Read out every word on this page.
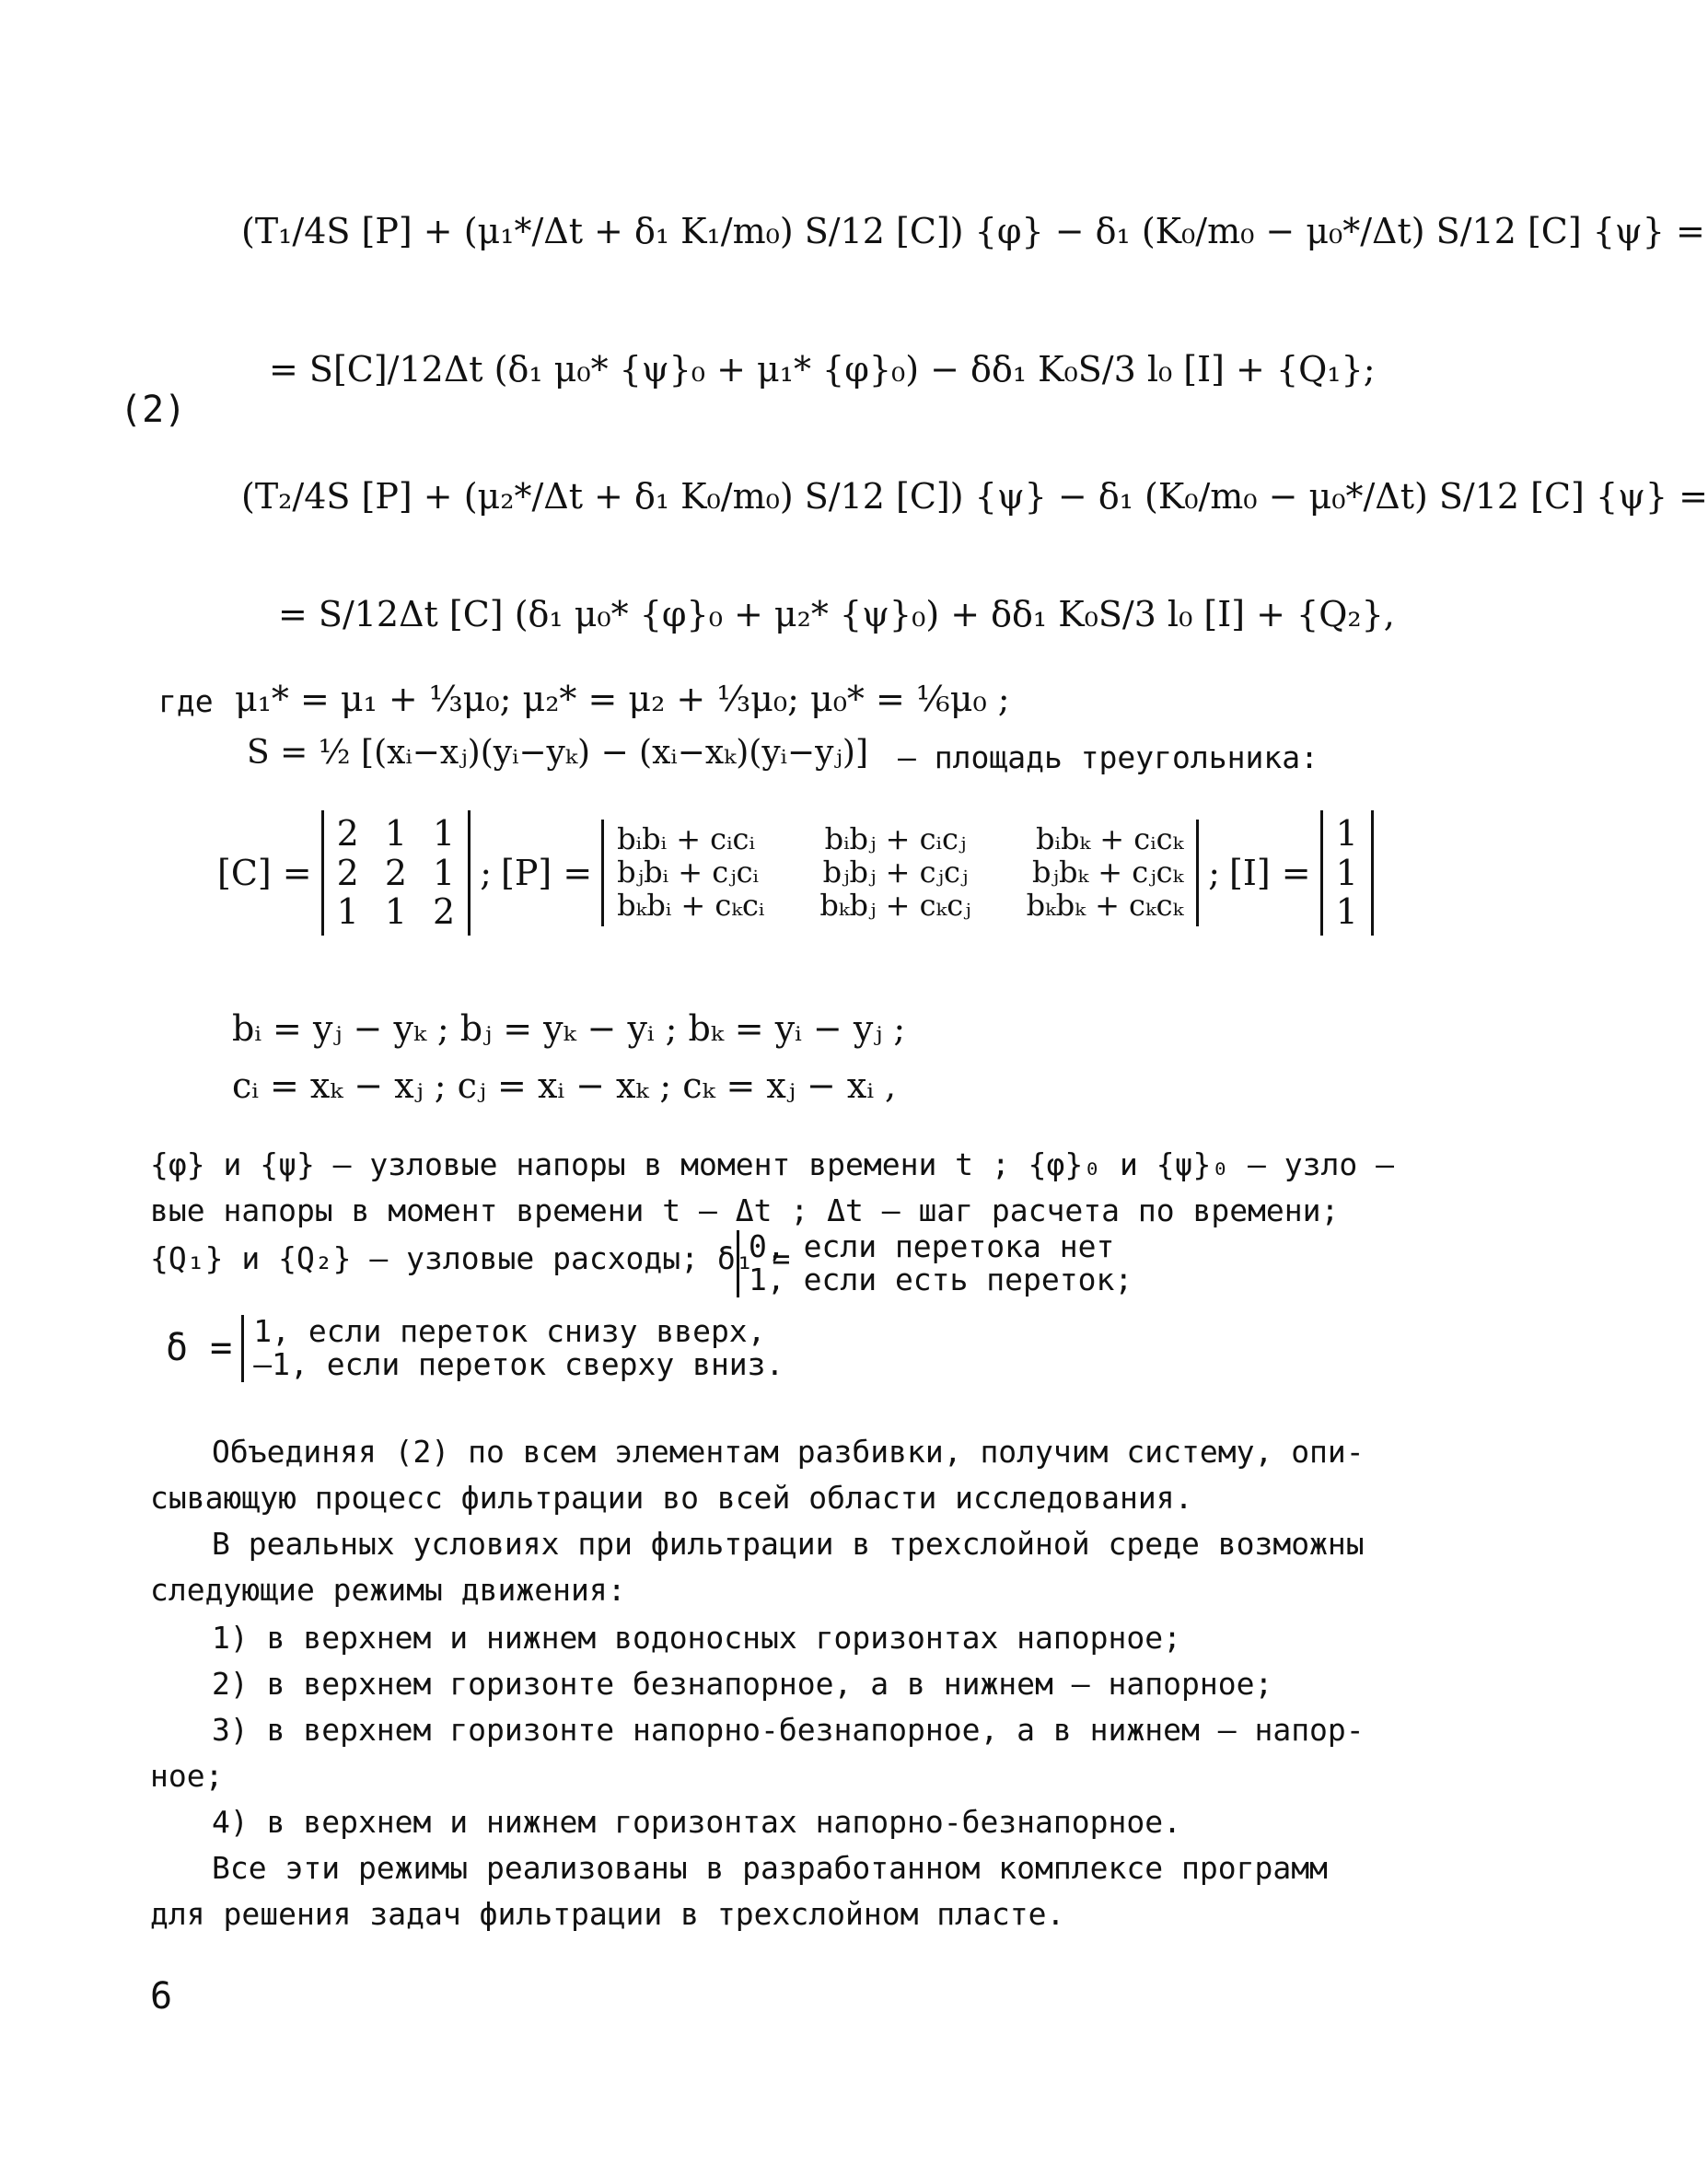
(T₁/4S [P] + (μ₁*/Δt + δ₁ K₁/m₀) S/12 [C]) {φ} − δ₁ (K₀/m₀ − μ₀*/Δt) S/12 [C] {ψ} =
= S[C]/12Δt (δ₁ μ₀* {ψ}₀ + μ₁* {φ}₀) − δδ₁ K₀S/3 l₀ [I] + {Q₁};
(2)
(T₂/4S [P] + (μ₂*/Δt + δ₁ K₀/m₀) S/12 [C]) {ψ} − δ₁ (K₀/m₀ − μ₀*/Δt) S/12 [C] {ψ} =
= S/12Δt [C] (δ₁ μ₀* {φ}₀ + μ₂* {ψ}₀) + δδ₁ K₀S/3 l₀ [I] + {Q₂},
где μ₁* = μ₁ + ⅓μ₀; μ₂* = μ₂ + ⅓μ₀; μ₀* = ⅙μ₀ ;
S = ½ [(xᵢ−xⱼ)(yᵢ−yₖ) − (xᵢ−xₖ)(yᵢ−yⱼ)] – площадь треугольника:
[C] =
2 1 1
2 2 1
1 1 2
; [P] =
bᵢbᵢ + cᵢcᵢ bᵢbⱼ + cᵢcⱼ bᵢbₖ + cᵢcₖ
bⱼbᵢ + cⱼcᵢ bⱼbⱼ + cⱼcⱼ bⱼbₖ + cⱼcₖ
bₖbᵢ + cₖcᵢ bₖbⱼ + cₖcⱼ bₖbₖ + cₖcₖ
; [I] =
1
1
1
bᵢ = yⱼ − yₖ ; bⱼ = yₖ − yᵢ ; bₖ = yᵢ − yⱼ ;
cᵢ = xₖ − xⱼ ; cⱼ = xᵢ − xₖ ; cₖ = xⱼ − xᵢ ,
{φ} и {ψ} – узловые напоры в момент времени t ; {φ}₀ и {ψ}₀ – узло –
вые напоры в момент времени t – Δt ; Δt – шаг расчета по времени;
{Q₁} и {Q₂} – узловые расходы; δ₁ =
0, если перетока нет
1, если есть переток;
δ = 1, если переток снизу вверх,
–1, если переток сверху вниз.
Объединяя (2) по всем элементам разбивки, получим систему, опи-
сывающую процесс фильтрации во всей области исследования.
В реальных условиях при фильтрации в трехслойной среде возможны
следующие режимы движения:
1) в верхнем и нижнем водоносных горизонтах напорное;
2) в верхнем горизонте безнапорное, а в нижнем – напорное;
3) в верхнем горизонте напорно-безнапорное, а в нижнем – напор-
ное;
4) в верхнем и нижнем горизонтах напорно-безнапорное.
Все эти режимы реализованы в разработанном комплексе программ
для решения задач фильтрации в трехслойном пласте.
6
